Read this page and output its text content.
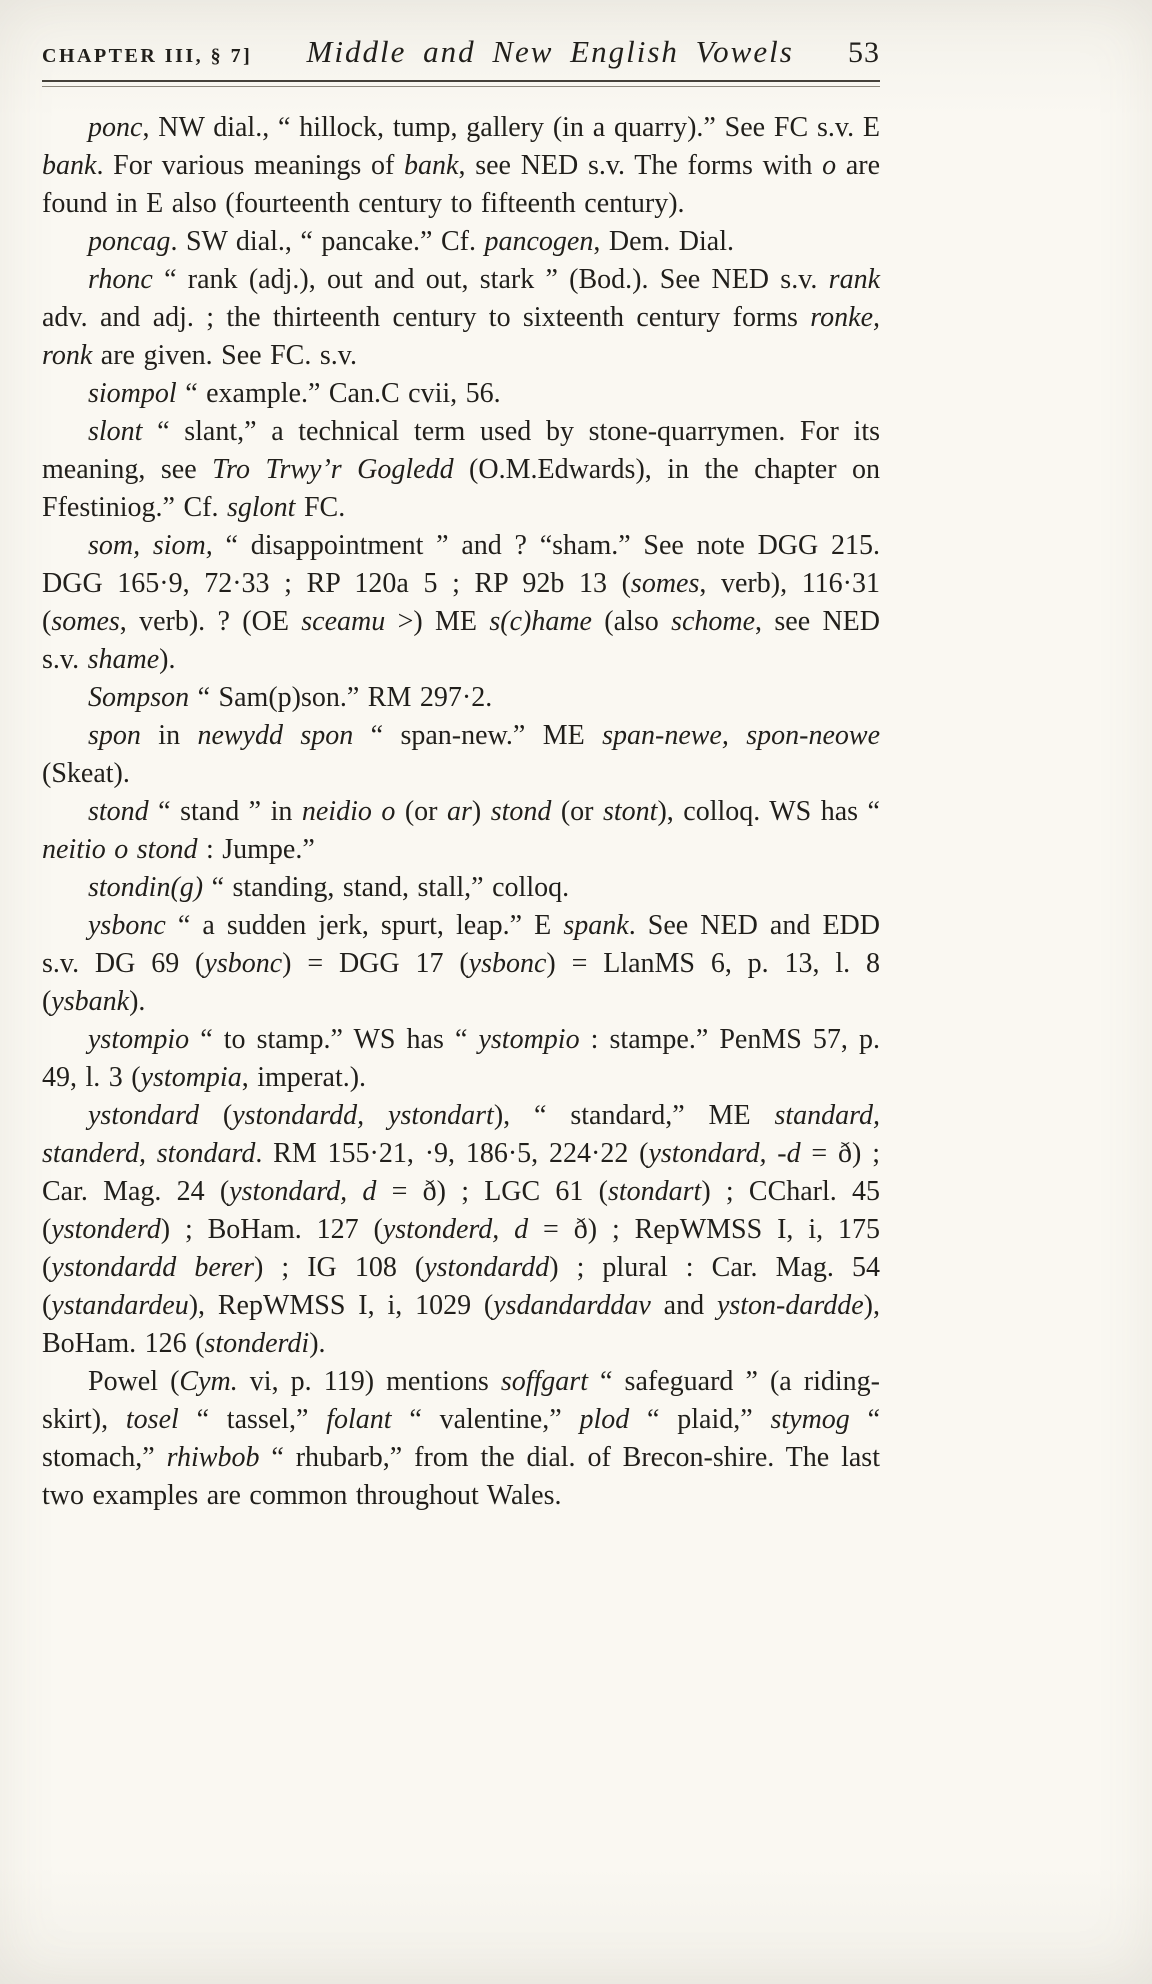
CHAPTER III, § 7]	Middle and New English Vowels	53

ponc, NW dial., “ hillock, tump, gallery (in a quarry).” See FC s.v. E bank. For various meanings of bank, see NED s.v. The forms with o are found in E also (fourteenth century to fifteenth century).

poncag. SW dial., “ pancake.” Cf. pancogen, Dem. Dial.

rhonc “ rank (adj.), out and out, stark ” (Bod.). See NED s.v. rank adv. and adj. ; the thirteenth century to sixteenth century forms ronke, ronk are given. See FC. s.v.

siompol “ example.” Can.C cvii, 56.

slont “ slant,” a technical term used by stone-quarrymen. For its meaning, see Tro Trwy’r Gogledd (O.M.Edwards), in the chapter on Ffestiniog.” Cf. sglont FC.

som, siom, “ disappointment ” and ? “sham.” See note DGG 215. DGG 165·9, 72·33 ; RP 120a 5 ; RP 92b 13 (somes, verb), 116·31 (somes, verb). ? (OE sceamu >) ME s(c)hame (also schome, see NED s.v. shame).

Sompson “ Sam(p)son.” RM 297·2.

spon in newydd spon “ span-new.” ME span-newe, spon-neowe (Skeat).

stond “ stand ” in neidio o (or ar) stond (or stont), colloq. WS has “ neitio o stond : Jumpe.”

stondin(g) “ standing, stand, stall,” colloq.

ysbonc “ a sudden jerk, spurt, leap.” E spank. See NED and EDD s.v. DG 69 (ysbonc) = DGG 17 (ysbonc) = LlanMS 6, p. 13, l. 8 (ysbank).

ystompio “ to stamp.” WS has “ ystompio : stampe.” PenMS 57, p. 49, l. 3 (ystompia, imperat.).

ystondard (ystondardd, ystondart), “ standard,” ME standard, standerd, stondard. RM 155·21, ·9, 186·5, 224·22 (ystondard, -d = ð) ; Car. Mag. 24 (ystondard, d = ð) ; LGC 61 (stondart) ; CCharl. 45 (ystonderd) ; BoHam. 127 (ystonderd, d = ð) ; RepWMSS I, i, 175 (ystondardd berer) ; IG 108 (ystondardd) ; plural : Car. Mag. 54 (ystandardeu), RepWMSS I, i, 1029 (ysdandarddav and yston-dardde), BoHam. 126 (stonderdi).

Powel (Cym. vi, p. 119) mentions soffgart “ safeguard ” (a riding-skirt), tosel “ tassel,” folant “ valentine,” plod “ plaid,” stymog “ stomach,” rhiwbob “ rhubarb,” from the dial. of Brecon-shire. The last two examples are common throughout Wales.
